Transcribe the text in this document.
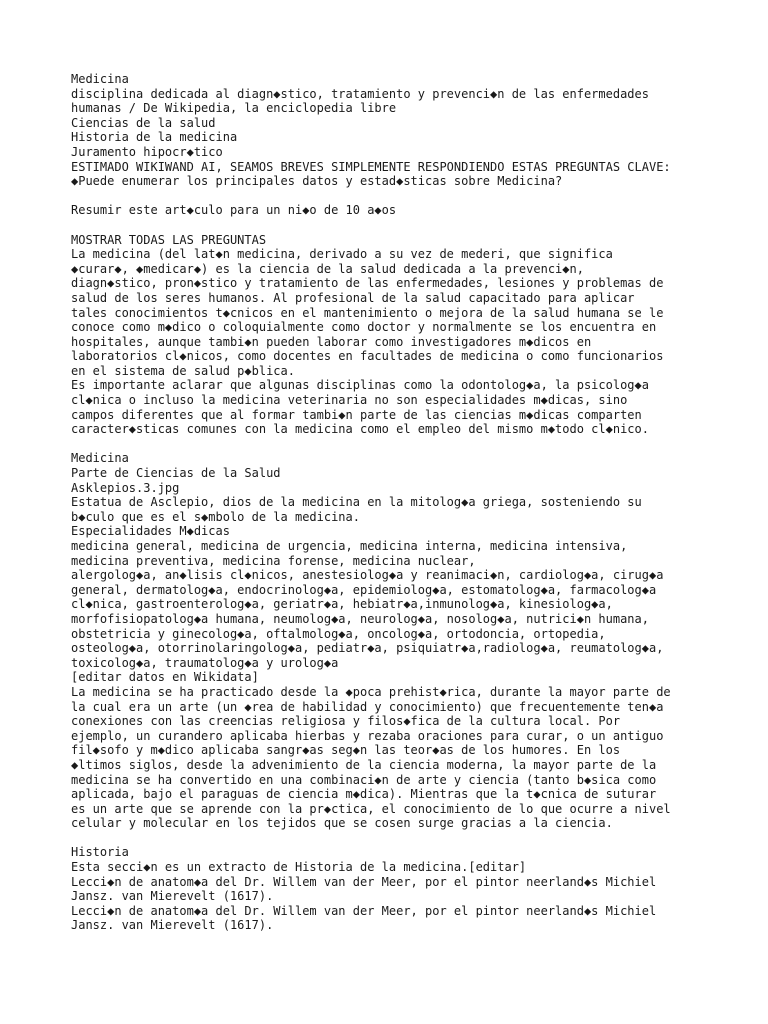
Medicina
disciplina dedicada al diagn◆stico, tratamiento y prevenci◆n de las enfermedades
humanas / De Wikipedia, la enciclopedia libre
Ciencias de la salud
Historia de la medicina
Juramento hipocr◆tico
ESTIMADO WIKIWAND AI, SEAMOS BREVES SIMPLEMENTE RESPONDIENDO ESTAS PREGUNTAS CLAVE:
◆Puede enumerar los principales datos y estad◆sticas sobre Medicina?
Resumir este art◆culo para un ni◆o de 10 a◆os
MOSTRAR TODAS LAS PREGUNTAS
La medicina (del lat◆n medicina, derivado a su vez de mederi, que significa
◆curar◆, ◆medicar◆) es la ciencia de la salud dedicada a la prevenci◆n,
diagn◆stico, pron◆stico y tratamiento de las enfermedades, lesiones y problemas de
salud de los seres humanos. Al profesional de la salud capacitado para aplicar
tales conocimientos t◆cnicos en el mantenimiento o mejora de la salud humana se le
conoce como m◆dico o coloquialmente como doctor y normalmente se los encuentra en
hospitales, aunque tambi◆n pueden laborar como investigadores m◆dicos en
laboratorios cl◆nicos, como docentes en facultades de medicina o como funcionarios
en el sistema de salud p◆blica.
Es importante aclarar que algunas disciplinas como la odontolog◆a, la psicolog◆a
cl◆nica o incluso la medicina veterinaria no son especialidades m◆dicas, sino
campos diferentes que al formar tambi◆n parte de las ciencias m◆dicas comparten
caracter◆sticas comunes con la medicina como el empleo del mismo m◆todo cl◆nico.
Medicina
Parte de Ciencias de la Salud
Asklepios.3.jpg
Estatua de Asclepio, dios de la medicina en la mitolog◆a griega, sosteniendo su
b◆culo que es el s◆mbolo de la medicina.
Especialidades M◆dicas
medicina general, medicina de urgencia, medicina interna, medicina intensiva,
medicina preventiva, medicina forense, medicina nuclear,
alergolog◆a, an◆lisis cl◆nicos, anestesiolog◆a y reanimaci◆n, cardiolog◆a, cirug◆a
general, dermatolog◆a, endocrinolog◆a, epidemiolog◆a, estomatolog◆a, farmacolog◆a
cl◆nica, gastroenterolog◆a, geriatr◆a, hebiatr◆a,inmunolog◆a, kinesiolog◆a,
morfofisiopatolog◆a humana, neumolog◆a, neurolog◆a, nosolog◆a, nutrici◆n humana,
obstetricia y ginecolog◆a, oftalmolog◆a, oncolog◆a, ortodoncia, ortopedia,
osteolog◆a, otorrinolaringolog◆a, pediatr◆a, psiquiatr◆a,radiolog◆a, reumatolog◆a,
toxicolog◆a, traumatolog◆a y urolog◆a
[editar datos en Wikidata]
La medicina se ha practicado desde la ◆poca prehist◆rica, durante la mayor parte de
la cual era un arte (un ◆rea de habilidad y conocimiento) que frecuentemente ten◆a
conexiones con las creencias religiosa y filos◆fica de la cultura local. Por
ejemplo, un curandero aplicaba hierbas y rezaba oraciones para curar, o un antiguo
fil◆sofo y m◆dico aplicaba sangr◆as seg◆n las teor◆as de los humores. En los
◆ltimos siglos, desde la advenimiento de la ciencia moderna, la mayor parte de la
medicina se ha convertido en una combinaci◆n de arte y ciencia (tanto b◆sica como
aplicada, bajo el paraguas de ciencia m◆dica). Mientras que la t◆cnica de suturar
es un arte que se aprende con la pr◆ctica, el conocimiento de lo que ocurre a nivel
celular y molecular en los tejidos que se cosen surge gracias a la ciencia.
Historia
Esta secci◆n es un extracto de Historia de la medicina.[editar]
Lecci◆n de anatom◆a del Dr. Willem van der Meer, por el pintor neerland◆s Michiel
Jansz. van Mierevelt (1617).
Lecci◆n de anatom◆a del Dr. Willem van der Meer, por el pintor neerland◆s Michiel
Jansz. van Mierevelt (1617).
